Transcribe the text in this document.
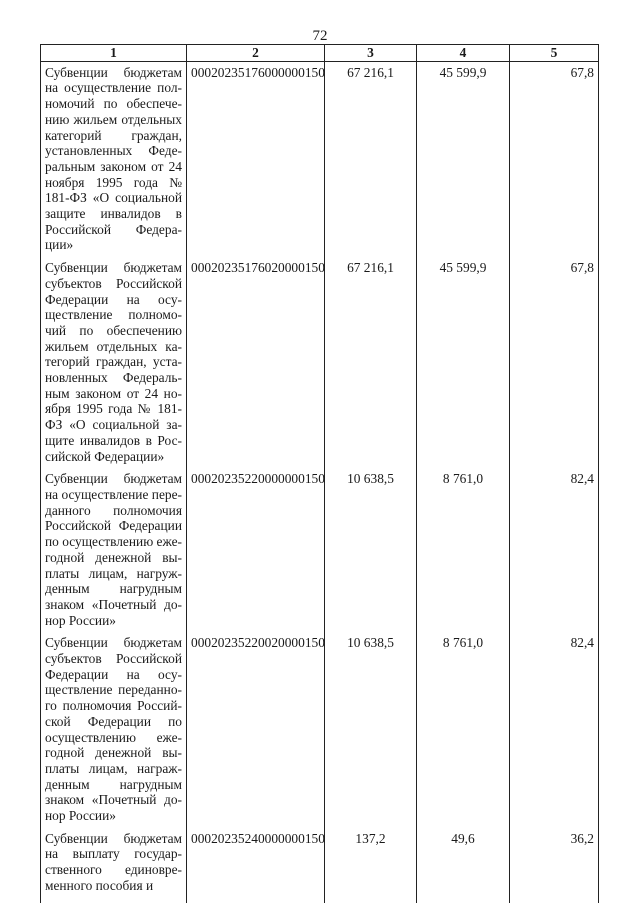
72
1	2	3	4	5
Субвенции бюджетам на осуществление полномочий по обеспечению жильем отдельных категорий граждан, установленных Федеральным законом от 24 ноября 1995 года № 181-ФЗ «О социальной защите инвалидов в Российской Федерации»	00020235176000000150	67 216,1	45 599,9	67,8
Субвенции бюджетам субъектов Российской Федерации на осуществление полномочий по обеспечению жильем отдельных категорий граждан, установленных Федеральным законом от 24 ноября 1995 года № 181-ФЗ «О социальной защите инвалидов в Российской Федерации»	00020235176020000150	67 216,1	45 599,9	67,8
Субвенции бюджетам на осуществление переданного полномочия Российской Федерации по осуществлению ежегодной денежной выплаты лицам, нагружденным нагрудным знаком «Почетный донор России»	00020235220000000150	10 638,5	8 761,0	82,4
Субвенции бюджетам субъектов Российской Федерации на осуществление переданного полномочия Российской Федерации по осуществлению ежегодной денежной выплаты лицам, награжденным нагрудным знаком «Почетный донор России»	00020235220020000150	10 638,5	8 761,0	82,4
Субвенции бюджетам на выплату государственного единовременного пособия и	00020235240000000150	137,2	49,6	36,2
